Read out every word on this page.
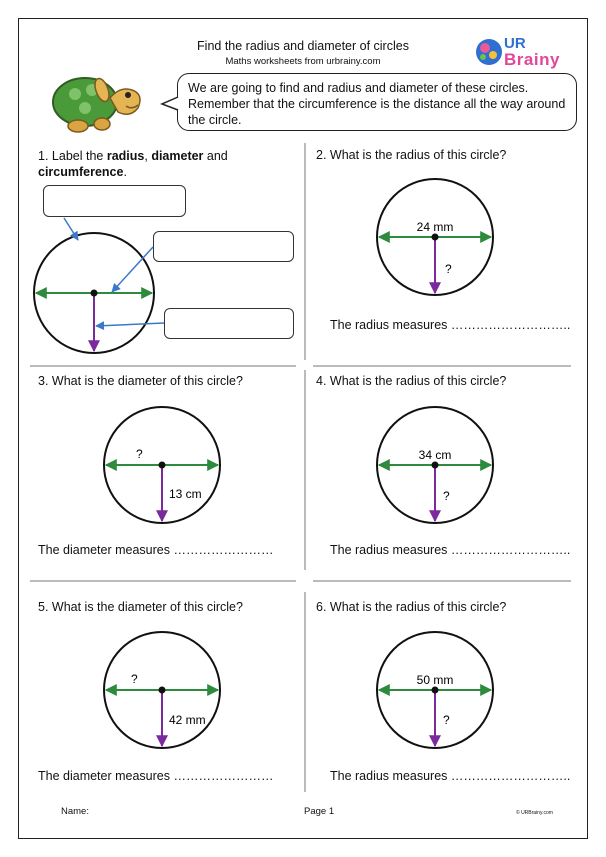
Find the radius and diameter of circles
Maths worksheets from urbrainy.com
UR
Brainy
We are going to find and radius and diameter of these circles. Remember that the circumference is the distance all the way around the circle.
1. Label the radius, diameter and
circumference.
2. What is the radius of this circle?
24 mm
?
The radius measures ………………………..
3. What is the diameter of this circle?
?
13 cm
The diameter measures ……………………
4. What is the radius of this circle?
34 cm
?
The radius measures ………………………..
5. What is the diameter of this circle?
?
42 mm
The diameter measures ……………………
6. What is the radius of this circle?
50 mm
?
The radius measures ………………………..
Name:	Page 1	© URBrainy.com
